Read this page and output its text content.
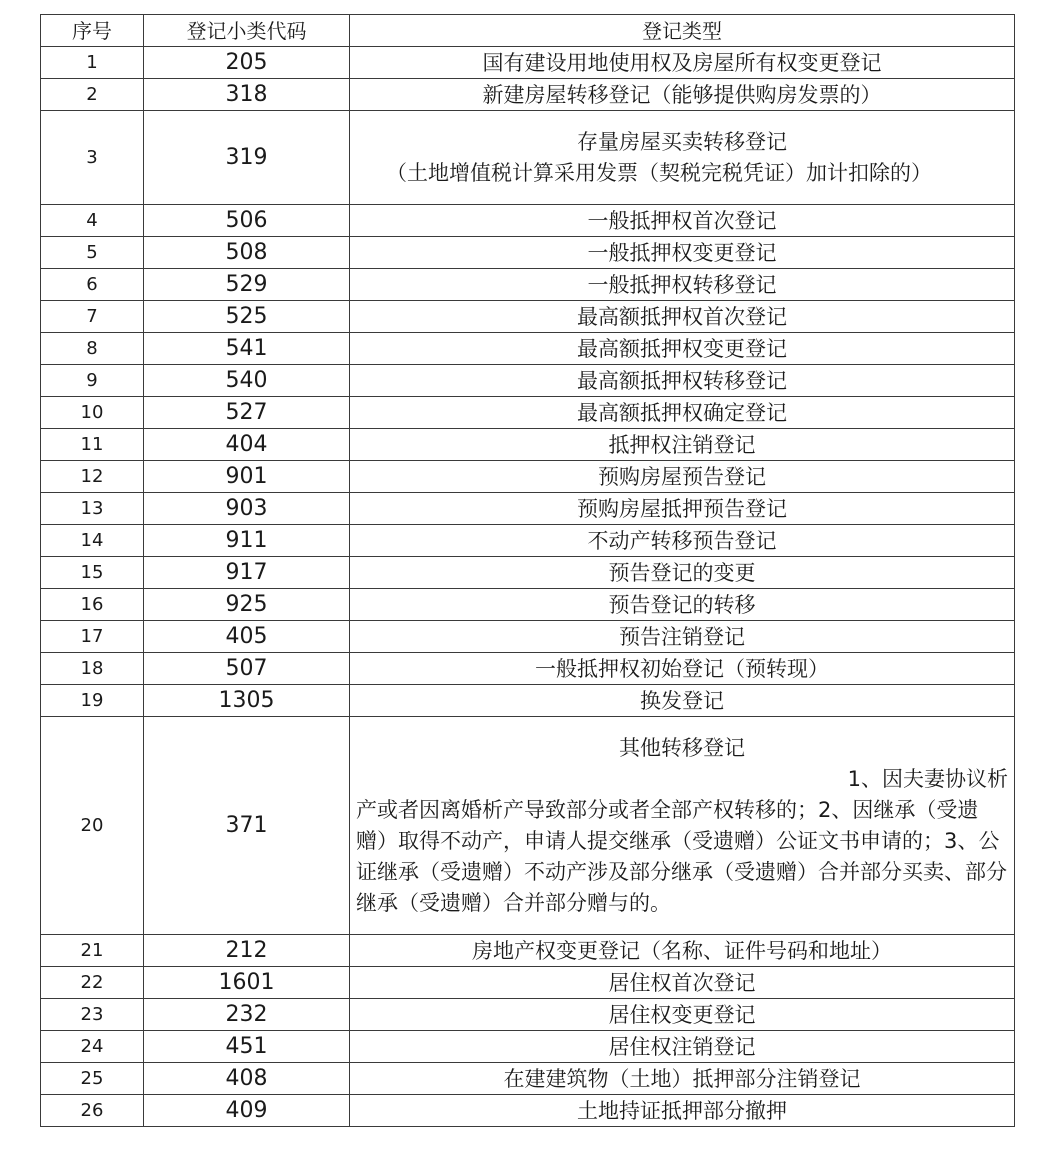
序号	登记小类代码	登记类型
1	205	国有建设用地使用权及房屋所有权变更登记
2	318	新建房屋转移登记（能够提供购房发票的）
3	319	存量房屋买卖转移登记
（土地增值税计算采用发票（契税完税凭证）加计扣除的）

4	506	一般抵押权首次登记
5	508	一般抵押权变更登记
6	529	一般抵押权转移登记
7	525	最高额抵押权首次登记
8	541	最高额抵押权变更登记
9	540	最高额抵押权转移登记
10	527	最高额抵押权确定登记
11	404	抵押权注销登记
12	901	预购房屋预告登记
13	903	预购房屋抵押预告登记
14	911	不动产转移预告登记
15	917	预告登记的变更
16	925	预告登记的转移
17	405	预告注销登记
18	507	一般抵押权初始登记（预转现）
19	1305	换发登记
20	371	其他转移登记
1、因夫妻协议析
产或者因离婚析产导致部分或者全部产权转移的；2、因继承（受遗赠）取得不动产，申请人提交继承（受遗赠）公证文书申请的；3、公证继承（受遗赠）不动产涉及部分继承（受遗赠）合并部分买卖、部分继承（受遗赠）合并部分赠与的。

21	212	房地产权变更登记（名称、证件号码和地址）
22	1601	居住权首次登记
23	232	居住权变更登记
24	451	居住权注销登记
25	408	在建建筑物（土地）抵押部分注销登记
26	409	土地持证抵押部分撤押
